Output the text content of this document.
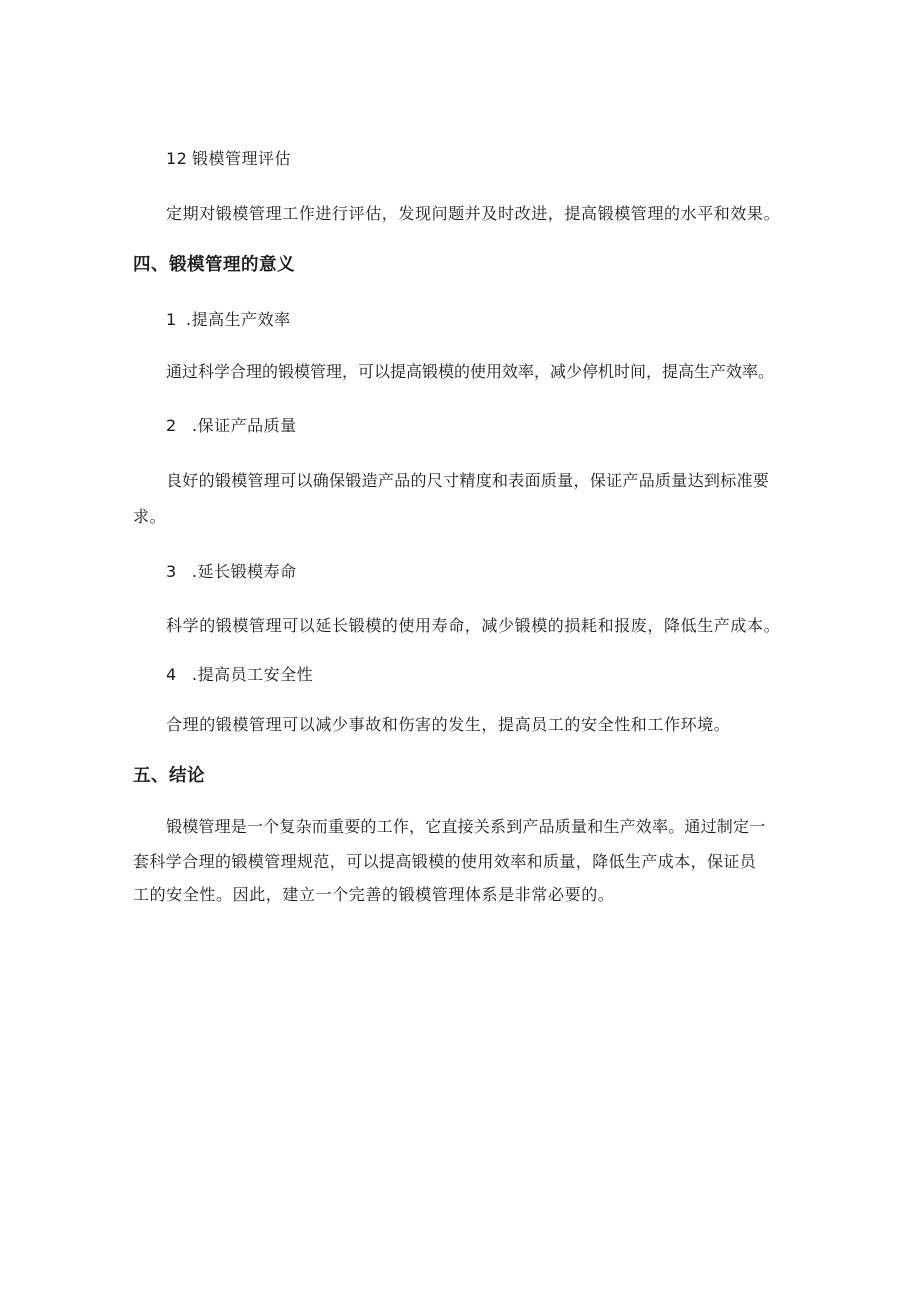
12 锻模管理评估
定期对锻模管理工作进行评估，发现问题并及时改进，提高锻模管理的水平和效果。
四、锻模管理的意义
1 .提高生产效率
通过科学合理的锻模管理，可以提高锻模的使用效率，减少停机时间，提高生产效率。
2 .保证产品质量
良好的锻模管理可以确保锻造产品的尺寸精度和表面质量，保证产品质量达到标准要
求。
3 .延长锻模寿命
科学的锻模管理可以延长锻模的使用寿命，减少锻模的损耗和报废，降低生产成本。
4 .提高员工安全性
合理的锻模管理可以减少事故和伤害的发生，提高员工的安全性和工作环境。
五、结论
锻模管理是一个复杂而重要的工作，它直接关系到产品质量和生产效率。通过制定一
套科学合理的锻模管理规范，可以提高锻模的使用效率和质量，降低生产成本，保证员
工的安全性。因此，建立一个完善的锻模管理体系是非常必要的。
